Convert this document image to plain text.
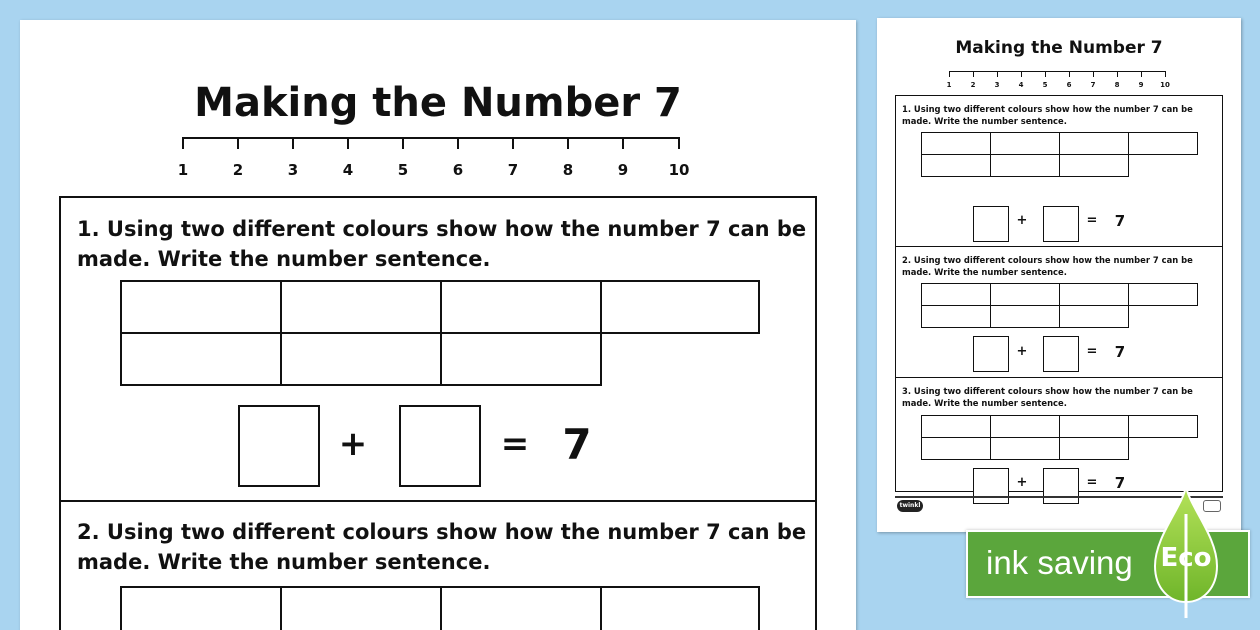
Making the Number 7
1	2	3	4	5	6	7	8	9	10
1. Using two different colours show how the number 7 can be made. Write the number sentence.
+	= 7
2. Using two different colours show how the number 7 can be made. Write the number sentence.
Making the Number 7
1	2	3	4	5	6	7	8	9	10
1. Using two different colours show how the number 7 can be made. Write the number sentence.
+	= 7
2. Using two different colours show how the number 7 can be made. Write the number sentence.
+	= 7
3. Using two different colours show how the number 7 can be made. Write the number sentence.
+	= 7
twinkl
ink saving	Eco
